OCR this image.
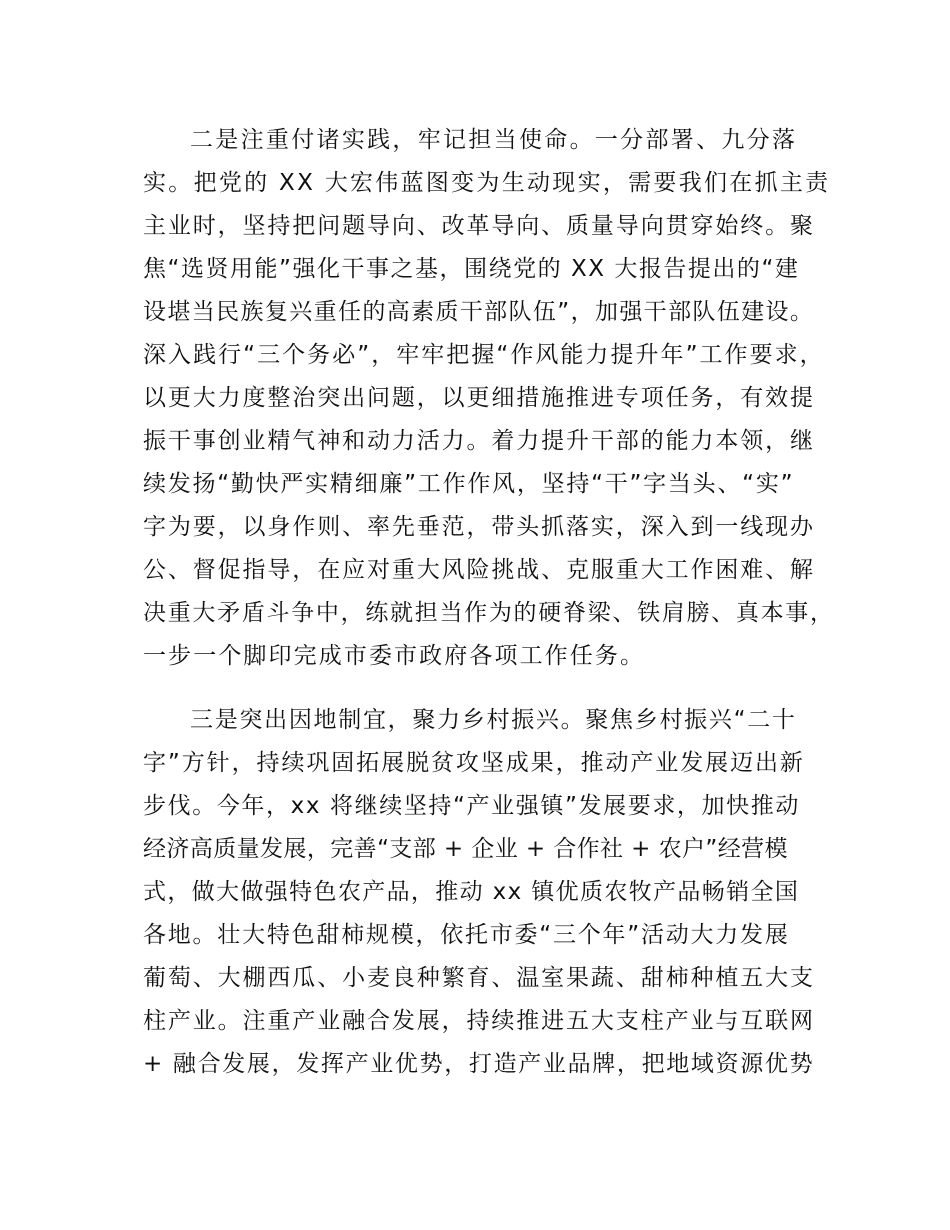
二是注重付诸实践，牢记担当使命。一分部署、九分落
实。把党的 XX 大宏伟蓝图变为生动现实，需要我们在抓主责
主业时，坚持把问题导向、改革导向、质量导向贯穿始终。聚
焦“选贤用能”强化干事之基，围绕党的 XX 大报告提出的“建
设堪当民族复兴重任的高素质干部队伍”，加强干部队伍建设。
深入践行“三个务必”，牢牢把握“作风能力提升年”工作要求，
以更大力度整治突出问题，以更细措施推进专项任务，有效提
振干事创业精气神和动力活力。着力提升干部的能力本领，继
续发扬“勤快严实精细廉”工作作风，坚持“干”字当头、“实”
字为要，以身作则、率先垂范，带头抓落实，深入到一线现办
公、督促指导，在应对重大风险挑战、克服重大工作困难、解
决重大矛盾斗争中，练就担当作为的硬脊梁、铁肩膀、真本事，
一步一个脚印完成市委市政府各项工作任务。
三是突出因地制宜，聚力乡村振兴。聚焦乡村振兴“二十
字”方针，持续巩固拓展脱贫攻坚成果，推动产业发展迈出新
步伐。今年，xx 将继续坚持“产业强镇”发展要求，加快推动
经济高质量发展，完善“支部 + 企业 + 合作社 + 农户”经营模
式，做大做强特色农产品，推动 xx 镇优质农牧产品畅销全国
各地。壮大特色甜柿规模，依托市委“三个年”活动大力发展
葡萄、大棚西瓜、小麦良种繁育、温室果蔬、甜柿种植五大支
柱产业。注重产业融合发展，持续推进五大支柱产业与互联网
+ 融合发展，发挥产业优势，打造产业品牌，把地域资源优势
